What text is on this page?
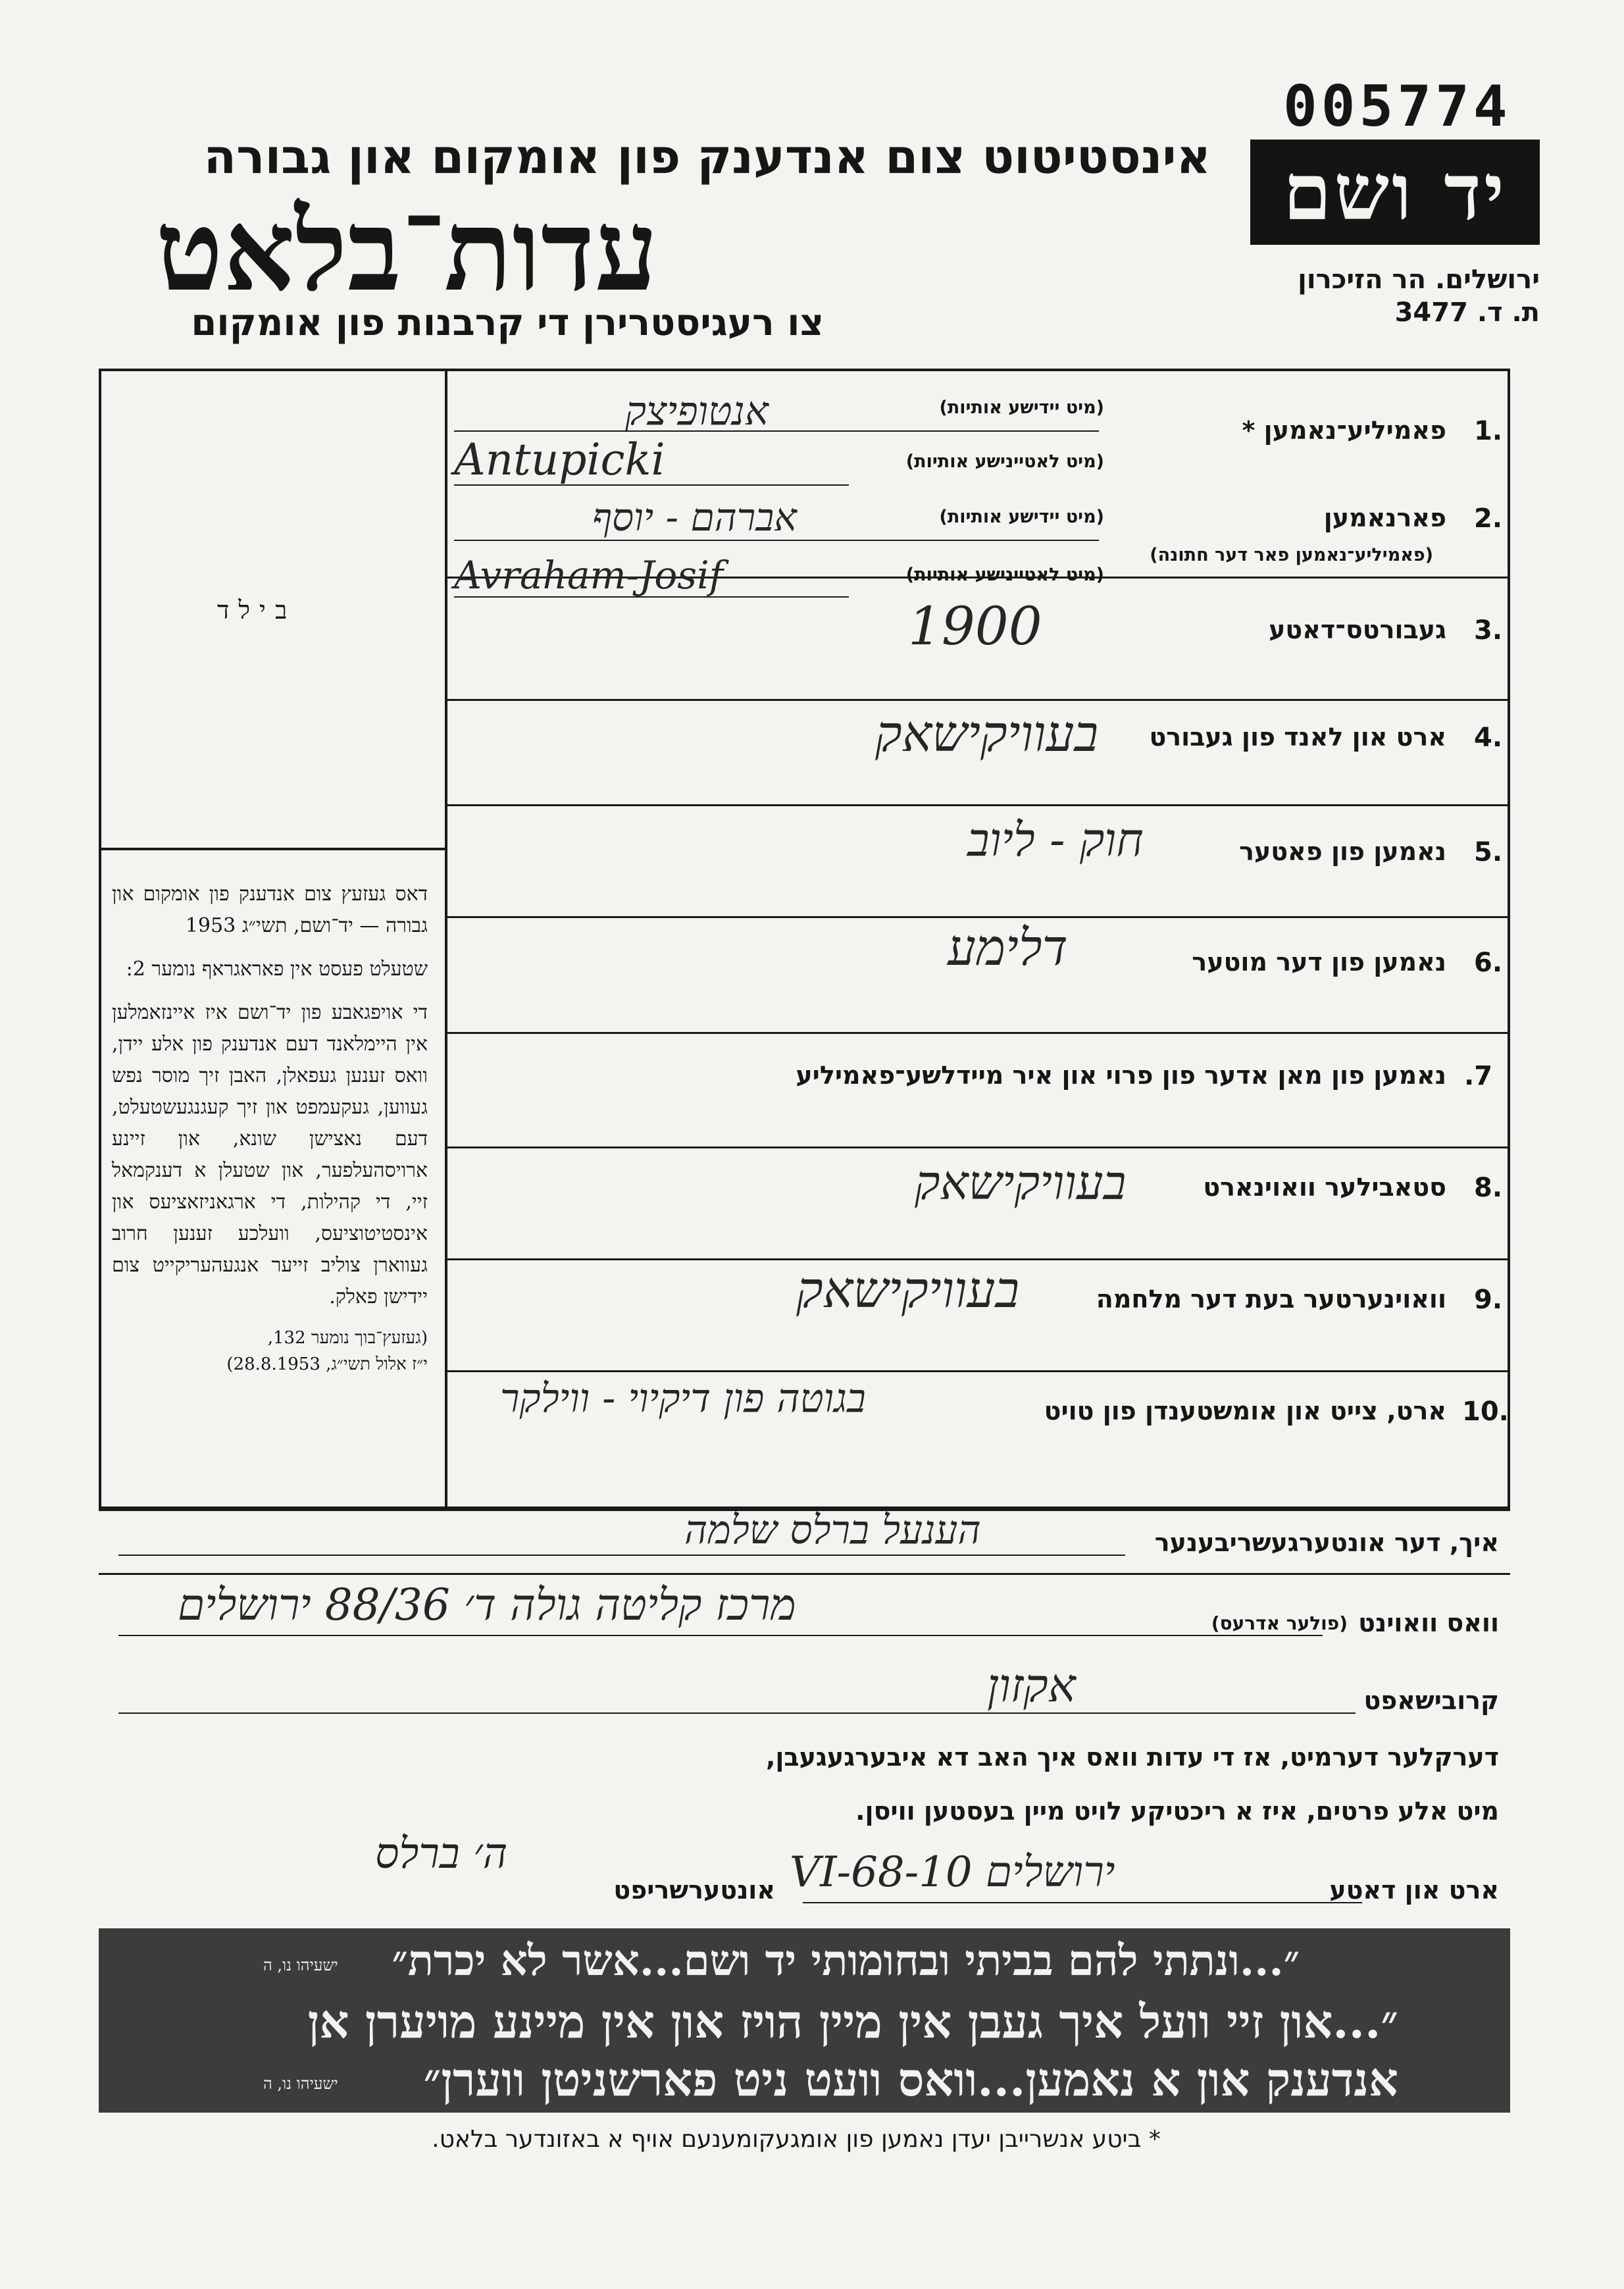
005774
יד ושם
ירושלים. הר הזיכרון
ת. ד. 3477
אינסטיטוט צום אנדענק פון אומקום און גבורה
עדות־בלאט
צו רעגיסטרירן די קרבנות פון אומקום
בילד

דאס געזעץ צום אנדענק פון אומקום און גבורה — יד־ושם, תשי״ג 1953

שטעלט פעסט אין פאראגראף נומער 2:

די אויפגאבע פון יד־ושם איז איינזאמלען אין היימלאנד דעם אנדענק פון אלע יידן, וואס זענען געפאלן, האבן זיך מוסר נפש געווען, געקעמפט און זיך קעגנגעשטעלט, דעם נאצישן שונא, און זיינע ארויסהעלפער, און שטעלן א דענקמאל זיי, די קהילות, די ארגאניזאציעס און אינסטיטוציעס, וועלכע זענען חרוב געווארן צוליב זייער אנגעהעריקייט צום יידישן פאלק.

(געזעץ־בוך נומער 132,
י״ז אלול תשי״ג, 28.8.1953)
1.
פאמיליע־נאמען *
(מיט יידישע אותיות)
(מיט לאטיינישע אותיות)
אנטופיצק
Antupicki
2.
פארנאמען
(פאמיליע־נאמען פאר דער חתונה)
(מיט יידישע אותיות)
(מיט לאטיינישע אותיות)
אברהם - יוסף
Avraham-Josif
3.
געבורטס־דאטע
1900
4.
ארט און לאנד פון געבורט
בעוויקישאק
5.
נאמען פון פאטער
חוק - ליוב
6.
נאמען פון דער מוטער
דלימע
.7
נאמען פון מאן אדער פון פרוי און איר מיידלשע־פאמיליע
8.
סטאבילער וואוינארט
בעוויקישאק
9.
וואוינערטער בעת דער מלחמה
בעוויקישאק
10.
ארט, צייט און אומשטענדן פון טויט
בגוטה פון דיקיוי - ווילקר
איך, דער אונטערגעשריבענער
הענעל ברלס שלמה
וואס וואוינט
(פולער אדרעס)
מרכז קליטה גולה ד׳ 88/36 ירושלים
קרובישאפט
אקזון
דערקלער דערמיט, אז די עדות וואס איך האב דא איבערגעגעבן,
מיט אלע פרטים, איז א ריכטיקע לויט מיין בעסטען וויסן.
ארט און דאטע
ירושלים 10-VI-68
אונטערשריפט
ה׳ ברלס
״...ונתתי להם בביתי ובחומותי יד ושם...אשר לא יכרת״
ישעיהו נו, ה
״...און זיי וועל איך געבן אין מיין הויז און אין מיינע מויערן אן
אנדענק און א נאמען...וואס וועט ניט פארשניטן ווערן״
ישעיהו נו, ה
* ביטע אנשרייבן יעדן נאמען פון אומגעקומענעם אויף א באזונדער בלאט.
